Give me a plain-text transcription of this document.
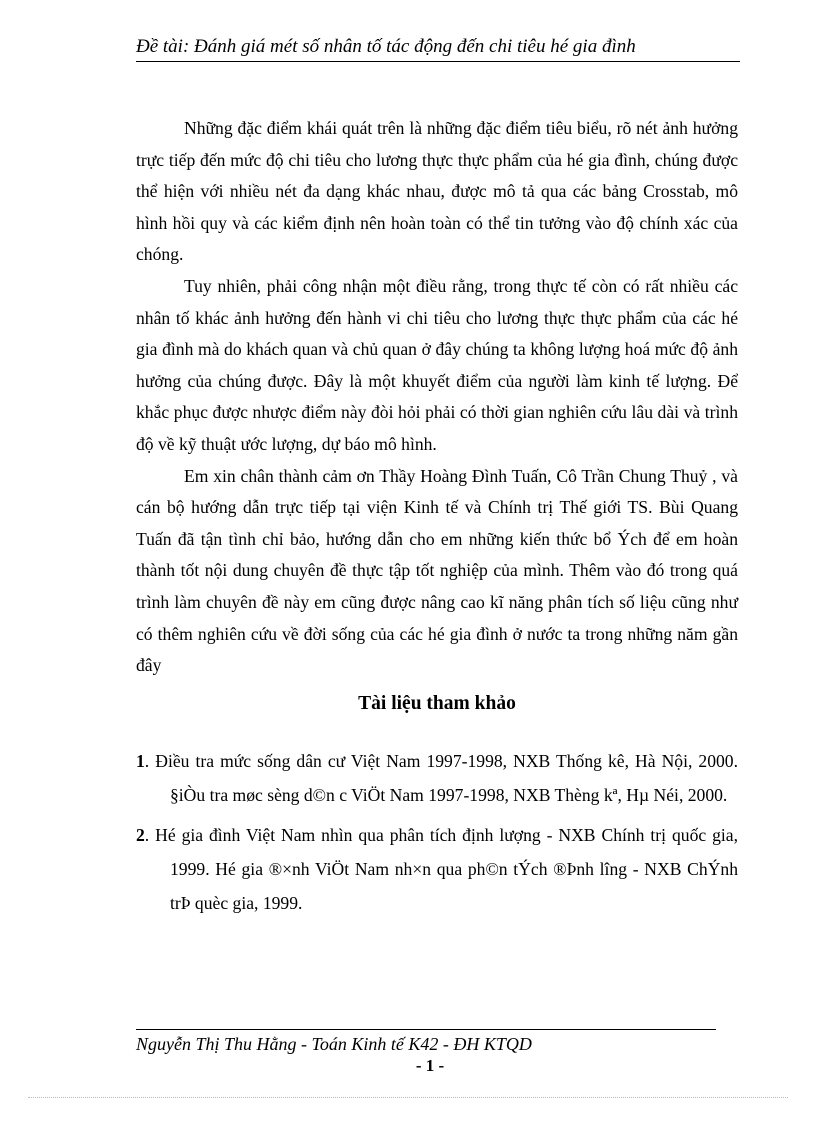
Đề tài: Đánh giá mét số nhân tố tác động đến chi tiêu hé gia đình

Những đặc điểm khái quát trên là những đặc điểm tiêu biểu, rõ nét ảnh hưởng trực tiếp đến mức độ chi tiêu cho lương thực thực phẩm của hé gia đình, chúng được thể hiện với nhiều nét đa dạng khác nhau, được mô tả qua các bảng Crosstab, mô hình hồi quy và các kiểm định nên hoàn toàn có thể tin tưởng vào độ chính xác của chóng.

Tuy nhiên, phải công nhận một điều rằng, trong thực tế còn có rất nhiều các nhân tố khác ảnh hưởng đến hành vi chi tiêu cho lương thực thực phẩm của các hé gia đình mà do khách quan và chủ quan ở đây chúng ta không lượng hoá mức độ ảnh hưởng của chúng được. Đây là một khuyết điểm của người làm kinh tế lượng. Để khắc phục được nhược điểm này đòi hỏi phải có thời gian nghiên cứu lâu dài và trình độ về kỹ thuật ước lượng, dự báo mô hình.

Em xin chân thành cảm ơn Thầy Hoàng Đình Tuấn, Cô Trần Chung Thuỷ , và cán bộ hướng dẫn trực tiếp tại viện Kinh tế và Chính trị Thế giới TS. Bùi Quang Tuấn đã tận tình chỉ bảo, hướng dẫn cho em những kiến thức bổ Ých để em hoàn thành tốt nội dung chuyên đề thực tập tốt nghiệp của mình. Thêm vào đó trong quá trình làm chuyên đề này em cũng được nâng cao kĩ năng phân tích số liệu cũng như có thêm nghiên cứu về đời sống của các hé gia đình ở nước ta trong những năm gần đây

Tài liệu tham khảo
1. Điều tra mức sống dân cư Việt Nam 1997-1998, NXB Thống kê, Hà Nội, 2000. §iÒu tra møc sèng d©n c ViÖt Nam 1997-1998, NXB Thèng kª, Hµ Néi, 2000.
2. Hé gia đình Việt Nam nhìn qua phân tích định lượng - NXB Chính trị quốc gia, 1999. Hé gia ®×nh ViÖt Nam nh×n qua ph©n tÝch ®Þnh lîng - NXB ChÝnh trÞ quèc gia, 1999.
Nguyễn Thị Thu Hằng - Toán Kinh tế K42 - ĐH KTQD
- 1 -
